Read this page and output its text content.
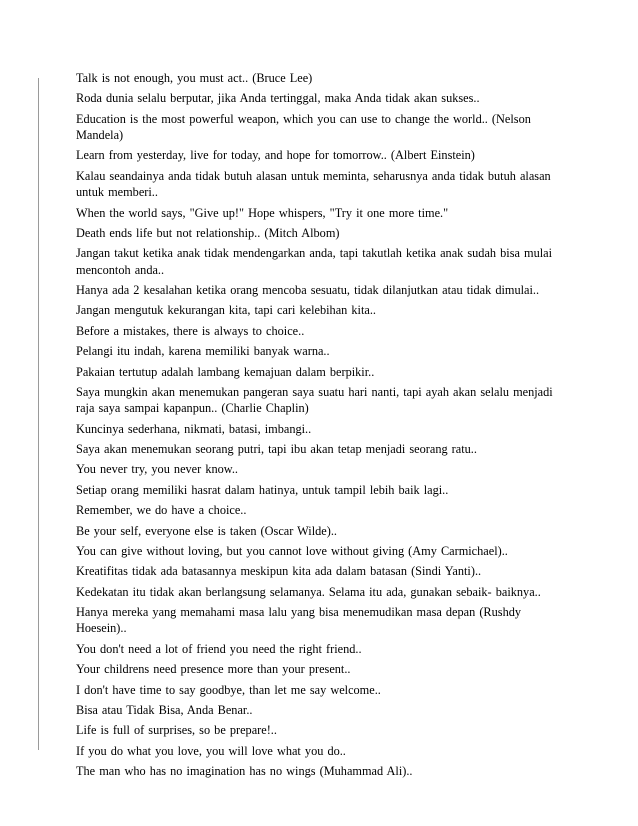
Talk is not enough, you must act.. (Bruce Lee)
Roda dunia selalu berputar, jika Anda tertinggal, maka Anda tidak akan sukses..
Education is the most powerful weapon, which you can use to change the world.. (Nelson Mandela)
Learn from yesterday, live for today, and hope for tomorrow.. (Albert Einstein)
Kalau seandainya anda tidak butuh alasan untuk meminta, seharusnya anda tidak butuh alasan untuk memberi..
When the world says, "Give up!" Hope whispers, "Try it one more time."
Death ends life but not relationship.. (Mitch Albom)
Jangan takut ketika anak tidak mendengarkan anda, tapi takutlah ketika anak sudah bisa mulai mencontoh anda..
Hanya ada 2 kesalahan ketika orang mencoba sesuatu, tidak dilanjutkan atau tidak dimulai..
Jangan mengutuk kekurangan kita, tapi cari kelebihan kita..
Before a mistakes, there is always to choice..
Pelangi itu indah, karena memiliki banyak warna..
Pakaian tertutup adalah lambang kemajuan dalam berpikir..
Saya mungkin akan menemukan pangeran saya suatu hari nanti, tapi ayah akan selalu menjadi raja saya sampai kapanpun.. (Charlie Chaplin)
Kuncinya sederhana, nikmati, batasi, imbangi..
Saya akan menemukan seorang putri, tapi ibu akan tetap menjadi seorang ratu..
You never try, you never know..
Setiap orang memiliki hasrat dalam hatinya, untuk tampil lebih baik lagi..
Remember, we do have a choice..
Be your self, everyone else is taken (Oscar Wilde)..
You can give without loving, but you cannot love without giving (Amy Carmichael)..
Kreatifitas tidak ada batasannya meskipun kita ada dalam batasan (Sindi Yanti)..
Kedekatan itu tidak akan berlangsung selamanya. Selama itu ada, gunakan sebaik- baiknya..
Hanya mereka yang memahami masa lalu yang bisa menemudikan masa depan (Rushdy Hoesein)..
You don't need a lot of friend you need the right friend..
Your childrens need presence more than your present..
I don't have time to say goodbye, than let me say welcome..
Bisa atau Tidak Bisa, Anda Benar..
Life is full of surprises, so be prepare!..
If you do what you love, you will love what you do..
The man who has no imagination has no wings (Muhammad Ali)..
